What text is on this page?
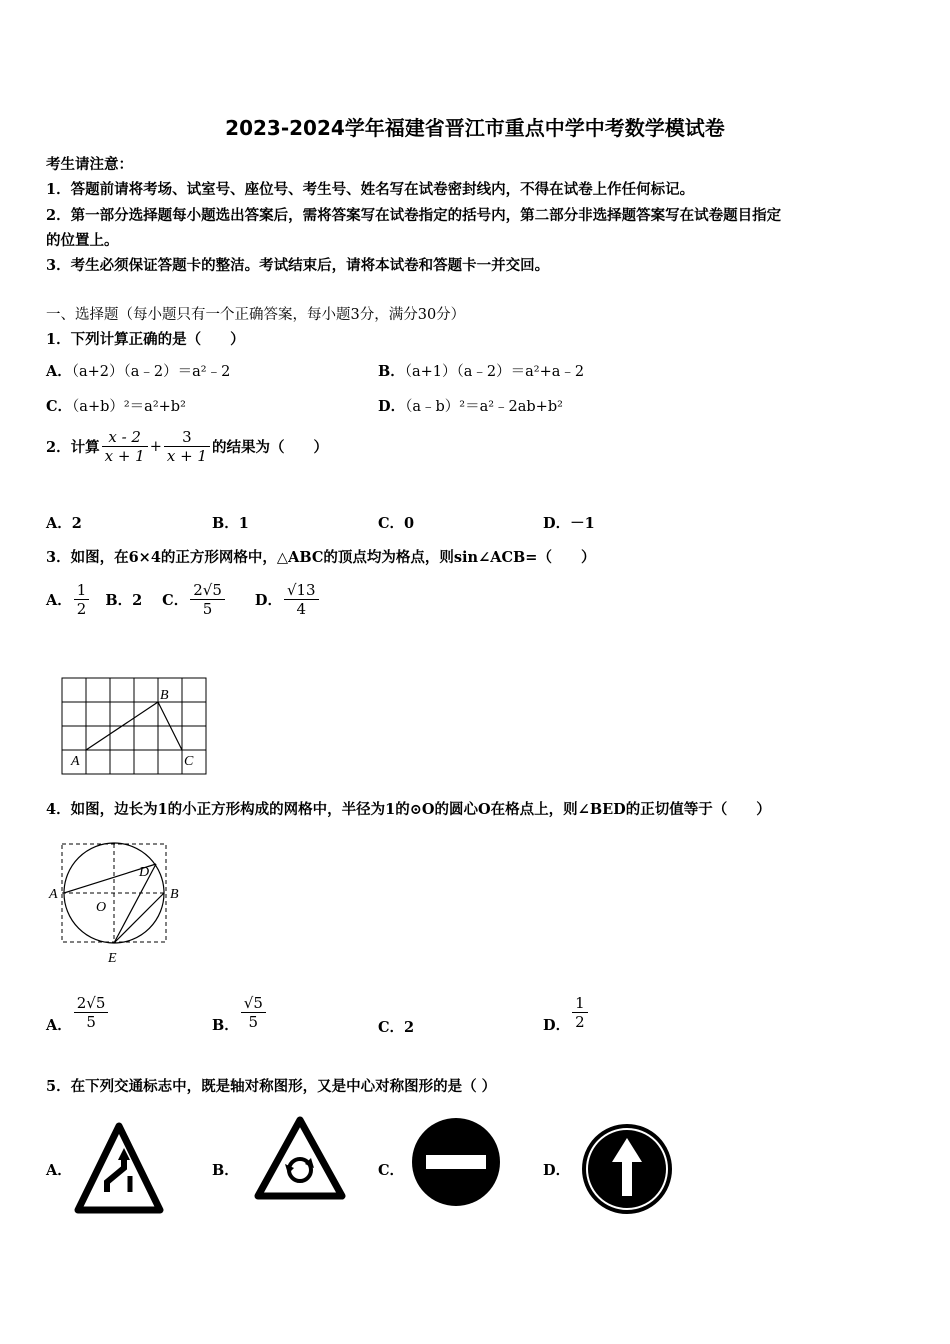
2023-2024学年福建省晋江市重点中学中考数学模试卷
考生请注意：
1．答题前请将考场、试室号、座位号、考生号、姓名写在试卷密封线内，不得在试卷上作任何标记。
2．第一部分选择题每小题选出答案后，需将答案写在试卷指定的括号内，第二部分非选择题答案写在试卷题目指定
的位置上。
3．考生必须保证答题卡的整洁。考试结束后，请将本试卷和答题卡一并交回。
一、选择题（每小题只有一个正确答案，每小题3分，满分30分）
1．下列计算正确的是（　　）
A．（a+2）（a﹣2）＝a²﹣2	B．（a+1）（a﹣2）＝a²+a﹣2
C．（a+b）²＝a²+b²	D．（a﹣b）²＝a²﹣2ab+b²
2．计算 $\frac{x - 2}{x + 1} + \frac{3}{x + 1}$ 的结果为（　　）
A．2	B．1	C．0	D．－1
3．如图，在6×4的正方形网格中，△ABC的顶点均为格点，则sin∠ACB=（　　）
A． $\frac{1}{2}$ B．2 C． $\frac{2√5}{5}$ D． $\frac{√13}{4}$
A
B
C
4．如图，边长为1的小正方形构成的网格中，半径为1的⊙O的圆心O在格点上，则∠BED的正切值等于（　　）
A	B
D
O
E
A． $\frac{2√5}{5}$	B． $\frac{√5}{5}$	C．2	D． $\frac{1}{2}$
5．在下列交通标志中，既是轴对称图形，又是中心对称图形的是（ ）
A．	B．	C．	D．
